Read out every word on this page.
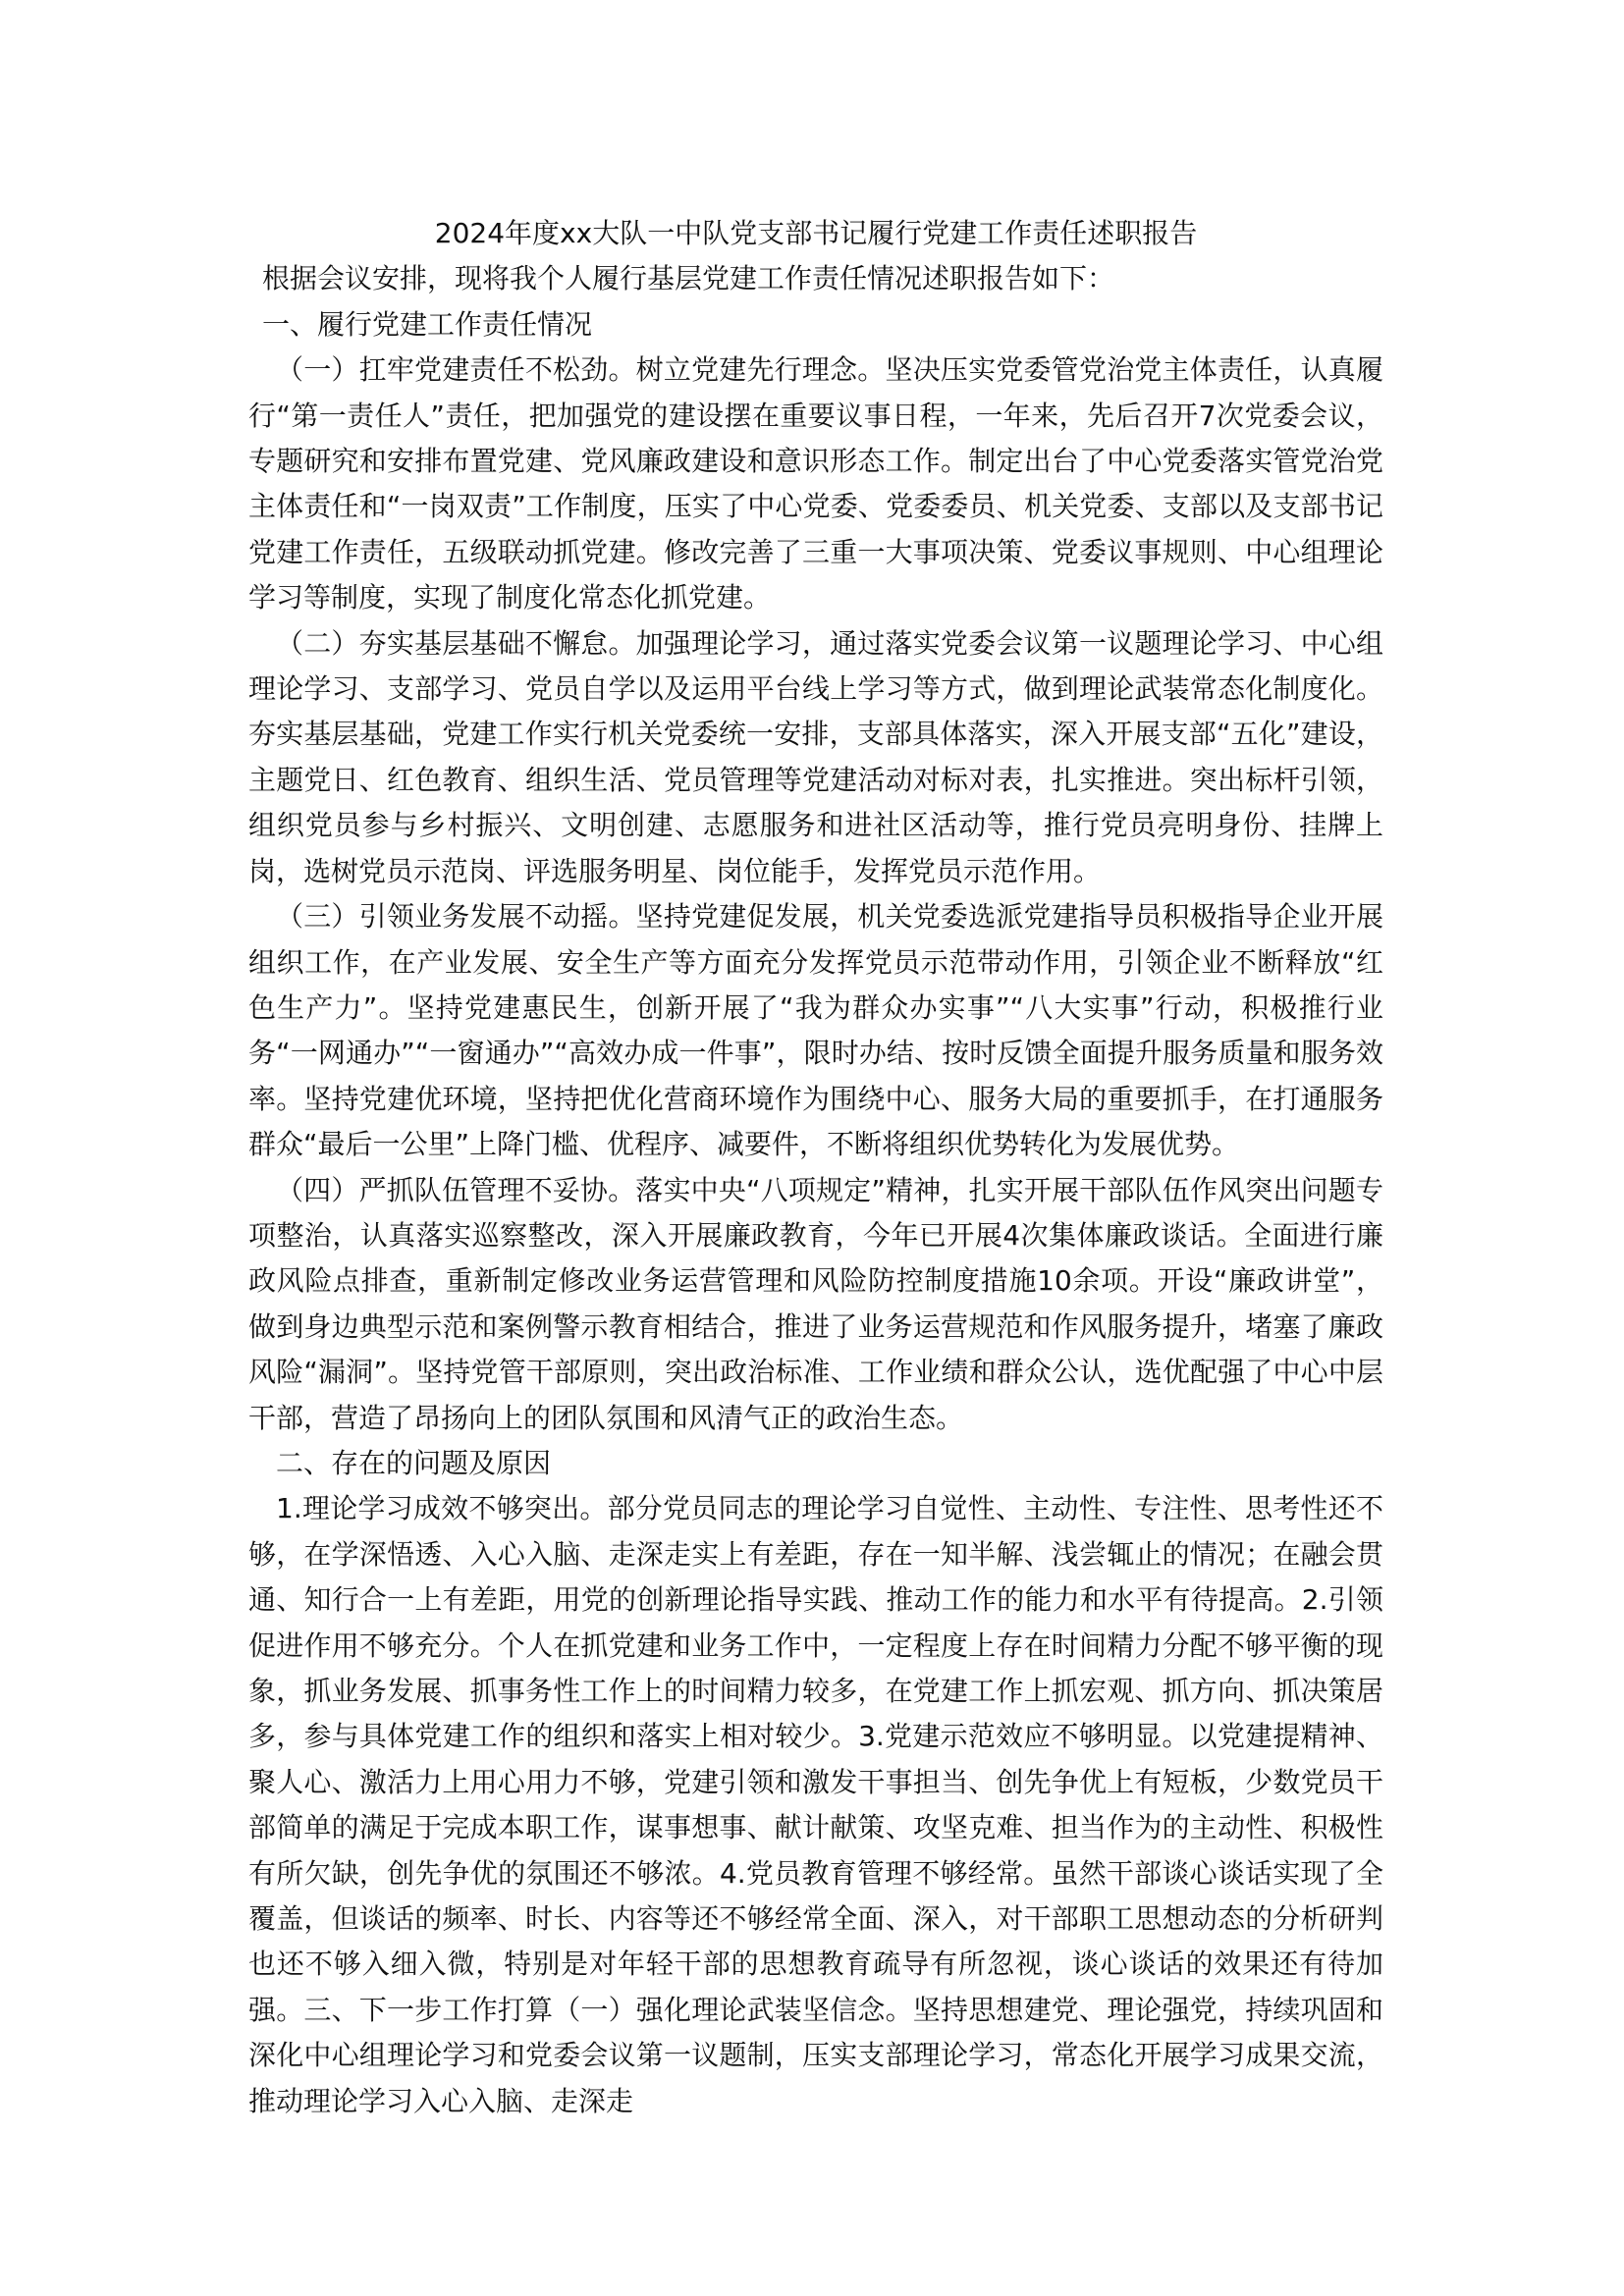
2024年度xx大队一中队党支部书记履行党建工作责任述职报告

根据会议安排，现将我个人履行基层党建工作责任情况述职报告如下：

一、履行党建工作责任情况

（一）扛牢党建责任不松劲。树立党建先行理念。坚决压实党委管党治党主体责任，认真履行“第一责任人”责任，把加强党的建设摆在重要议事日程，一年来，先后召开7次党委会议，专题研究和安排布置党建、党风廉政建设和意识形态工作。制定出台了中心党委落实管党治党主体责任和“一岗双责”工作制度，压实了中心党委、党委委员、机关党委、支部以及支部书记党建工作责任，五级联动抓党建。修改完善了三重一大事项决策、党委议事规则、中心组理论学习等制度，实现了制度化常态化抓党建。

（二）夯实基层基础不懈怠。加强理论学习，通过落实党委会议第一议题理论学习、中心组理论学习、支部学习、党员自学以及运用平台线上学习等方式，做到理论武装常态化制度化。夯实基层基础，党建工作实行机关党委统一安排，支部具体落实，深入开展支部“五化”建设，主题党日、红色教育、组织生活、党员管理等党建活动对标对表，扎实推进。突出标杆引领，组织党员参与乡村振兴、文明创建、志愿服务和进社区活动等，推行党员亮明身份、挂牌上岗，选树党员示范岗、评选服务明星、岗位能手，发挥党员示范作用。

（三）引领业务发展不动摇。坚持党建促发展，机关党委选派党建指导员积极指导企业开展组织工作，在产业发展、安全生产等方面充分发挥党员示范带动作用，引领企业不断释放“红色生产力”。坚持党建惠民生，创新开展了“我为群众办实事”“八大实事”行动，积极推行业务“一网通办”“一窗通办”“高效办成一件事”，限时办结、按时反馈全面提升服务质量和服务效率。坚持党建优环境，坚持把优化营商环境作为围绕中心、服务大局的重要抓手，在打通服务群众“最后一公里”上降门槛、优程序、减要件，不断将组织优势转化为发展优势。

（四）严抓队伍管理不妥协。落实中央“八项规定”精神，扎实开展干部队伍作风突出问题专项整治，认真落实巡察整改，深入开展廉政教育，今年已开展4次集体廉政谈话。全面进行廉政风险点排查，重新制定修改业务运营管理和风险防控制度措施10余项。开设“廉政讲堂”，做到身边典型示范和案例警示教育相结合，推进了业务运营规范和作风服务提升，堵塞了廉政风险“漏洞”。坚持党管干部原则，突出政治标准、工作业绩和群众公认，选优配强了中心中层干部，营造了昂扬向上的团队氛围和风清气正的政治生态。

二、存在的问题及原因

1.理论学习成效不够突出。部分党员同志的理论学习自觉性、主动性、专注性、思考性还不够，在学深悟透、入心入脑、走深走实上有差距，存在一知半解、浅尝辄止的情况；在融会贯通、知行合一上有差距，用党的创新理论指导实践、推动工作的能力和水平有待提高。2.引领促进作用不够充分。个人在抓党建和业务工作中，一定程度上存在时间精力分配不够平衡的现象，抓业务发展、抓事务性工作上的时间精力较多，在党建工作上抓宏观、抓方向、抓决策居多，参与具体党建工作的组织和落实上相对较少。3.党建示范效应不够明显。以党建提精神、聚人心、激活力上用心用力不够，党建引领和激发干事担当、创先争优上有短板，少数党员干部简单的满足于完成本职工作，谋事想事、献计献策、攻坚克难、担当作为的主动性、积极性有所欠缺，创先争优的氛围还不够浓。4.党员教育管理不够经常。虽然干部谈心谈话实现了全覆盖，但谈话的频率、时长、内容等还不够经常全面、深入，对干部职工思想动态的分析研判也还不够入细入微，特别是对年轻干部的思想教育疏导有所忽视，谈心谈话的效果还有待加强。三、下一步工作打算（一）强化理论武装坚信念。坚持思想建党、理论强党，持续巩固和深化中心组理论学习和党委会议第一议题制，压实支部理论学习，常态化开展学习成果交流，推动理论学习入心入脑、走深走
